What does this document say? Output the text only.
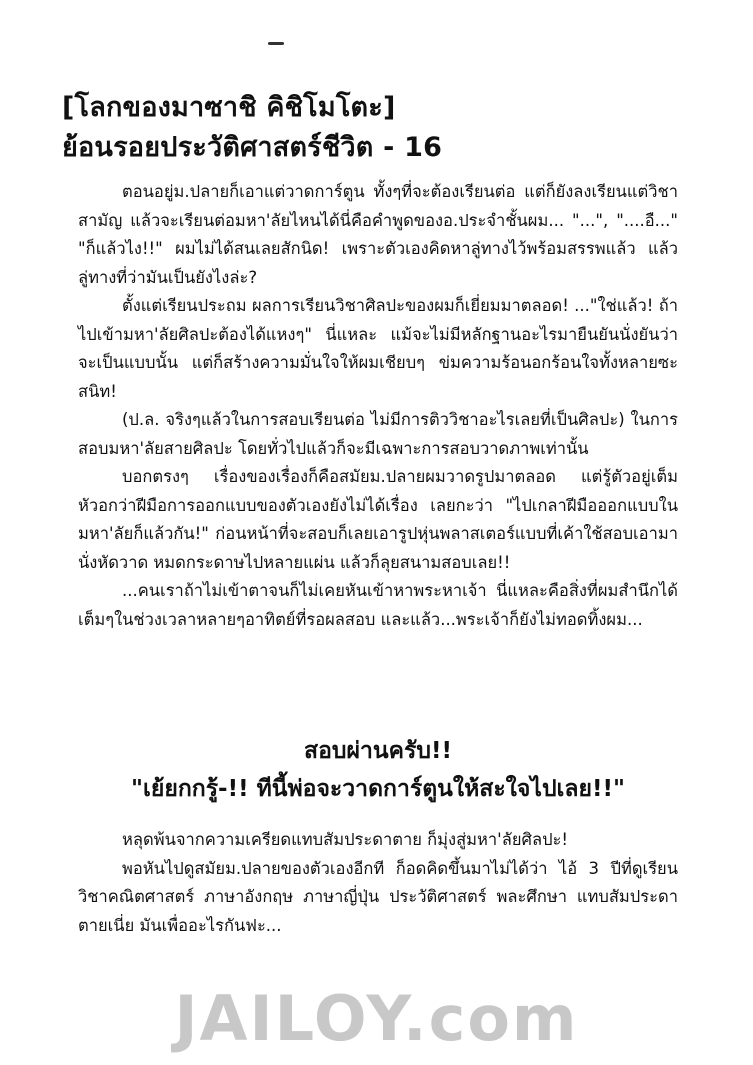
[โลกของมาซาชิ คิชิโมโตะ]
ย้อนรอยประวัติศาสตร์ชีวิต - 16

ตอนอยู่ม.ปลายก็เอาแต่วาดการ์ตูน ทั้งๆที่จะต้องเรียนต่อ แต่ก็ยังลงเรียนแต่วิชาสามัญ แล้วจะเรียนต่อมหา'ลัยไหนได้นี่คือคำพูดของอ.ประจำชั้นผม... "...", "....อื..." "ก็แล้วไง!!" ผมไม่ได้สนเลยสักนิด! เพราะตัวเองคิดหาลู่ทางไว้พร้อมสรรพแล้ว แล้วลู่ทางที่ว่ามันเป็นยังไงล่ะ?

ตั้งแต่เรียนประถม ผลการเรียนวิชาศิลปะของผมก็เยี่ยมมาตลอด! ..."ใช่แล้ว! ถ้าไปเข้ามหา'ลัยศิลปะต้องได้แหงๆ" นี่แหละ แม้จะไม่มีหลักฐานอะไรมายืนยันนั่งยันว่าจะเป็นแบบนั้น แต่ก็สร้างความมั่นใจให้ผมเชียบๆ ข่มความร้อนอกร้อนใจทั้งหลายซะสนิท!

(ป.ล. จริงๆแล้วในการสอบเรียนต่อ ไม่มีการติววิชาอะไรเลยที่เป็นศิลปะ) ในการสอบมหา'ลัยสายศิลปะ โดยทั่วไปแล้วก็จะมีเฉพาะการสอบวาดภาพเท่านั้น

บอกตรงๆ เรื่องของเรื่องก็คือสมัยม.ปลายผมวาดรูปมาตลอด แต่รู้ตัวอยู่เต็มหัวอกว่าฝีมือการออกแบบของตัวเองยังไม่ได้เรื่อง เลยกะว่า "ไปเกลาฝีมือออกแบบในมหา'ลัยก็แล้วกัน!" ก่อนหน้าที่จะสอบก็เลยเอารูปหุ่นพลาสเตอร์แบบที่เค้าใช้สอบเอามานั่งหัดวาด หมดกระดาษไปหลายแผ่น แล้วก็ลุยสนามสอบเลย!!

...คนเราถ้าไม่เข้าตาจนก็ไม่เคยหันเข้าหาพระหาเจ้า นี่แหละคือสิ่งที่ผมสำนึกได้เต็มๆในช่วงเวลาหลายๆอาทิตย์ที่รอผลสอบ และแล้ว...พระเจ้าก็ยังไม่ทอดทิ้งผม...

สอบผ่านครับ!!
"เย้ยกกรู้-!! ทีนี้พ่อจะวาดการ์ตูนให้สะใจไปเลย!!"

หลุดพ้นจากความเครียดแทบสัมประดาตาย ก็มุ่งสู่มหา'ลัยศิลปะ!

พอหันไปดูสมัยม.ปลายของตัวเองอีกที ก็อดคิดขึ้นมาไม่ได้ว่า ไอ้ 3 ปีที่ดูเรียนวิชาคณิตศาสตร์ ภาษาอังกฤษ ภาษาญี่ปุ่น ประวัติศาสตร์ พละศึกษา แทบสัมประดาตายเนี่ย มันเพื่ออะไรกันฟะ...

JAILOY.com
